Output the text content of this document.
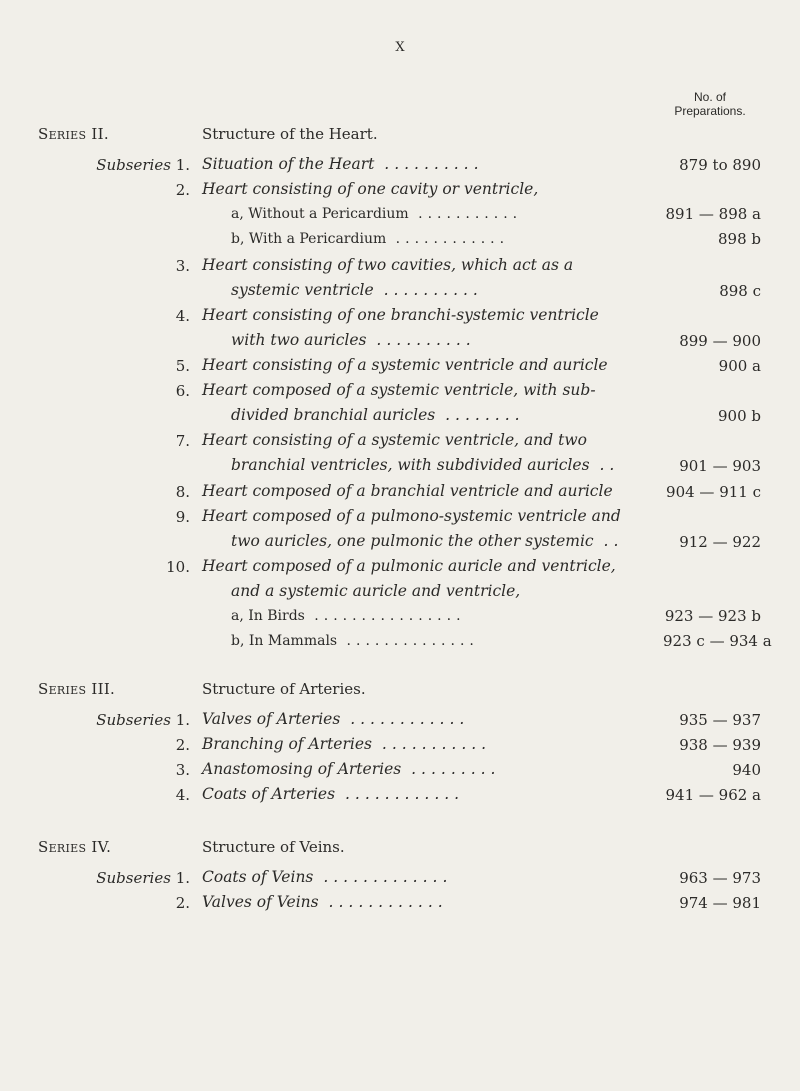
X
No. of
Preparations.
Series II.	Structure of the Heart.
Subseries 1. Situation of the Heart ..........	879 to 890
2. Heart consisting of one cavity or ventricle,
a, Without a Pericardium ...........	891 — 898 a
b, With a Pericardium ............	898 b
3. Heart consisting of two cavities, which act as a
systemic ventricle ..........	898 c
4. Heart consisting of one branchi-systemic ventricle
with two auricles ..........	899 — 900
5. Heart consisting of a systemic ventricle and auricle	900 a
6. Heart composed of a systemic ventricle, with sub-
divided branchial auricles ........	900 b
7. Heart consisting of a systemic ventricle, and two
branchial ventricles, with subdivided auricles ..	901 — 903
8. Heart composed of a branchial ventricle and auricle	904 — 911 c
9. Heart composed of a pulmono-systemic ventricle and
two auricles, one pulmonic the other systemic ..	912 — 922
10. Heart composed of a pulmonic auricle and ventricle,
and a systemic auricle and ventricle,
a, In Birds ................	923 — 923 b
b, In Mammals ..............	923 c — 934 a
Series III.	Structure of Arteries.
Subseries 1. Valves of Arteries ............	935 — 937
2. Branching of Arteries ...........	938 — 939
3. Anastomosing of Arteries .........	940
4. Coats of Arteries ............	941 — 962 a
Series IV.	Structure of Veins.
Subseries 1. Coats of Veins .............	963 — 973
2. Valves of Veins ............	974 — 981
